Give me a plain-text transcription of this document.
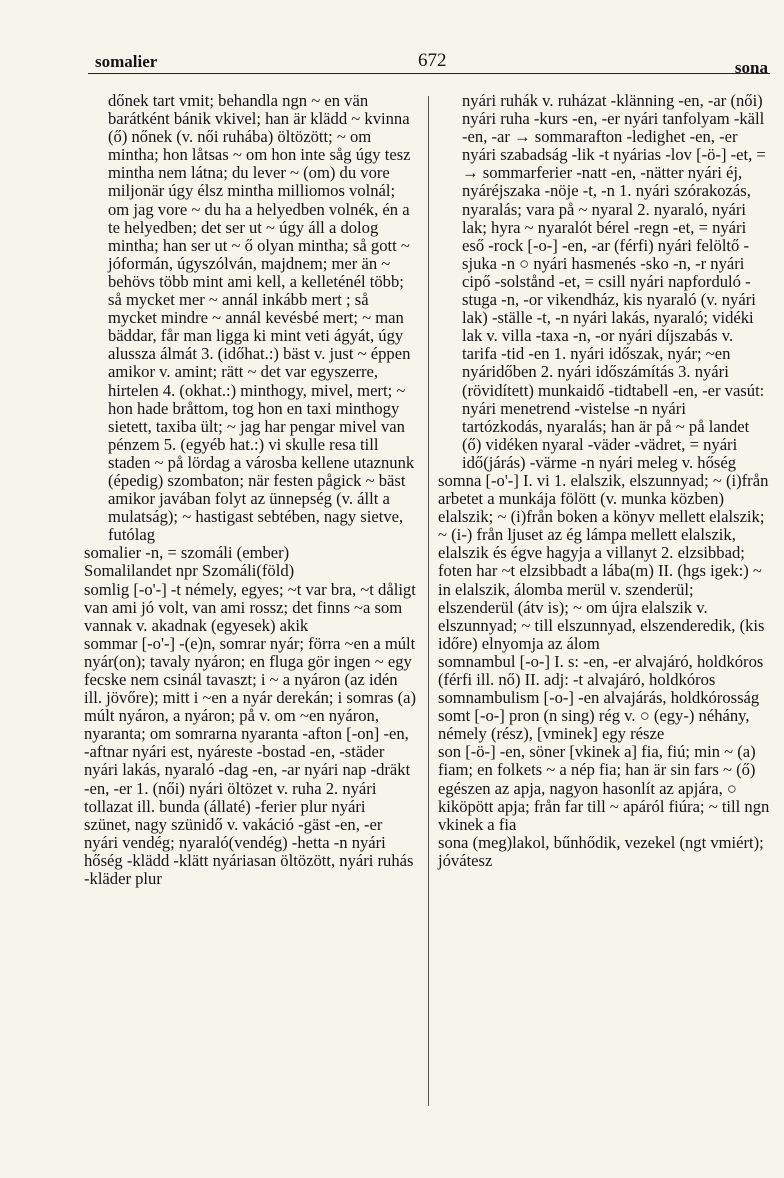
somalier	672	sona

dőnek tart vmit; behandla ngn ~ en vän barátként bánik vkivel; han är klädd ~ kvinna (ő) nőnek (v. női ruhába) öltözött; ~ om mintha; hon låtsas ~ om hon inte såg úgy tesz mintha nem látna; du lever ~ (om) du vore miljonär úgy élsz mintha milliomos volnál; om jag vore ~ du ha a helyedben volnék, én a te helyedben; det ser ut ~ úgy áll a dolog mintha; han ser ut ~ ő olyan mintha; så gott ~ jóformán, úgyszólván, majdnem; mer än ~ behövs több mint ami kell, a kelleténél több; så mycket mer ~ annál inkább mert ; så mycket mindre ~ annál kevésbé mert; ~ man bäddar, får man ligga ki mint veti ágyát, úgy alussza álmát 3. (időhat.:) bäst v. just ~ éppen amikor v. amint; rätt ~ det var egyszerre, hirtelen 4. (okhat.:) minthogy, mivel, mert; ~ hon hade bråttom, tog hon en taxi minthogy sietett, taxiba ült; ~ jag har pengar mivel van pénzem 5. (egyéb hat.:) vi skulle resa till staden ~ på lördag a városba kellene utaznunk (épedig) szombaton; när festen pågick ~ bäst amikor javában folyt az ünnepség (v. állt a mulatság); ~ hastigast sebtében, nagy sietve, futólag

somalier -n, = szomáli (ember)

Somalilandet npr Szomáli(föld)

somlig [-o'-] -t némely, egyes; ~t var bra, ~t dåligt van ami jó volt, van ami rossz; det finns ~a som vannak v. akadnak (egyesek) akik

sommar [-o'-] -(e)n, somrar nyár; förra ~en a múlt nyár(on); tavaly nyáron; en fluga gör ingen ~ egy fecske nem csinál tavaszt; i ~ a nyáron (az idén ill. jövőre); mitt i ~en a nyár derekán; i somras (a) múlt nyáron, a nyáron; på v. om ~en nyáron, nyaranta; om somrarna nyaranta -afton [-on] -en, -aftnar nyári est, nyáreste -bostad -en, -städer nyári lakás, nyaraló -dag -en, -ar nyári nap -dräkt -en, -er 1. (női) nyári öltözet v. ruha 2. nyári tollazat ill. bunda (állaté) -ferier plur nyári szünet, nagy szünidő v. vakáció -gäst -en, -er nyári vendég; nyaraló(vendég) -hetta -n nyári hőség -klädd -klätt nyáriasan öltözött, nyári ruhás -kläder plur

nyári ruhák v. ruházat -klänning -en, -ar (női) nyári ruha -kurs -en, -er nyári tanfolyam -käll -en, -ar → sommarafton -ledighet -en, -er nyári szabadság -lik -t nyárias -lov [-ö-] -et, = → sommarferier -natt -en, -nätter nyári éj, nyáréjszaka -nöje -t, -n 1. nyári szórakozás, nyaralás; vara på ~ nyaral 2. nyaraló, nyári lak; hyra ~ nyaralót bérel -regn -et, = nyári eső -rock [-o-] -en, -ar (férfi) nyári felöltő -sjuka -n ○ nyári hasmenés -sko -n, -r nyári cipő -solstånd -et, = csill nyári napforduló -stuga -n, -or vikendház, kis nyaraló (v. nyári lak) -ställe -t, -n nyári lakás, nyaraló; vidéki lak v. villa -taxa -n, -or nyári díjszabás v. tarifa -tid -en 1. nyári időszak, nyár; ~en nyáridőben 2. nyári időszámítás 3. nyári (rövidített) munkaidő -tidtabell -en, -er vasút: nyári menetrend -vistelse -n nyári tartózkodás, nyaralás; han är på ~ på landet (ő) vidéken nyaral -väder -vädret, = nyári idő(járás) -värme -n nyári meleg v. hőség

somna [-o'-] I. vi 1. elalszik, elszunnyad; ~ (i)från arbetet a munkája fölött (v. munka közben) elalszik; ~ (i)från boken a könyv mellett elalszik; ~ (i-) från ljuset az ég lámpa mellett elalszik, elalszik és égve hagyja a villanyt 2. elzsibbad; foten har ~t elzsibbadt a lába(m) II. (hgs igek:) ~ in elalszik, álomba merül v. szenderül; elszenderül (átv is); ~ om újra elalszik v. elszunnyad; ~ till elszunnyad, elszenderedik, (kis időre) elnyomja az álom

somnambul [-o-] I. s: -en, -er alvajáró, holdkóros (férfi ill. nő) II. adj: -t alvajáró, holdkóros

somnambulism [-o-] -en alvajárás, holdkórosság

somt [-o-] pron (n sing) rég v. ○ (egy-) néhány, némely (rész), [vminek] egy része

son [-ö-] -en, söner [vkinek a] fia, fiú; min ~ (a) fiam; en folkets ~ a nép fia; han är sin fars ~ (ő) egészen az apja, nagyon hasonlít az apjára, ○ kiköpött apja; från far till ~ apáról fiúra; ~ till ngn vkinek a fia

sona (meg)lakol, bűnhődik, vezekel (ngt vmiért); jóvátesz
